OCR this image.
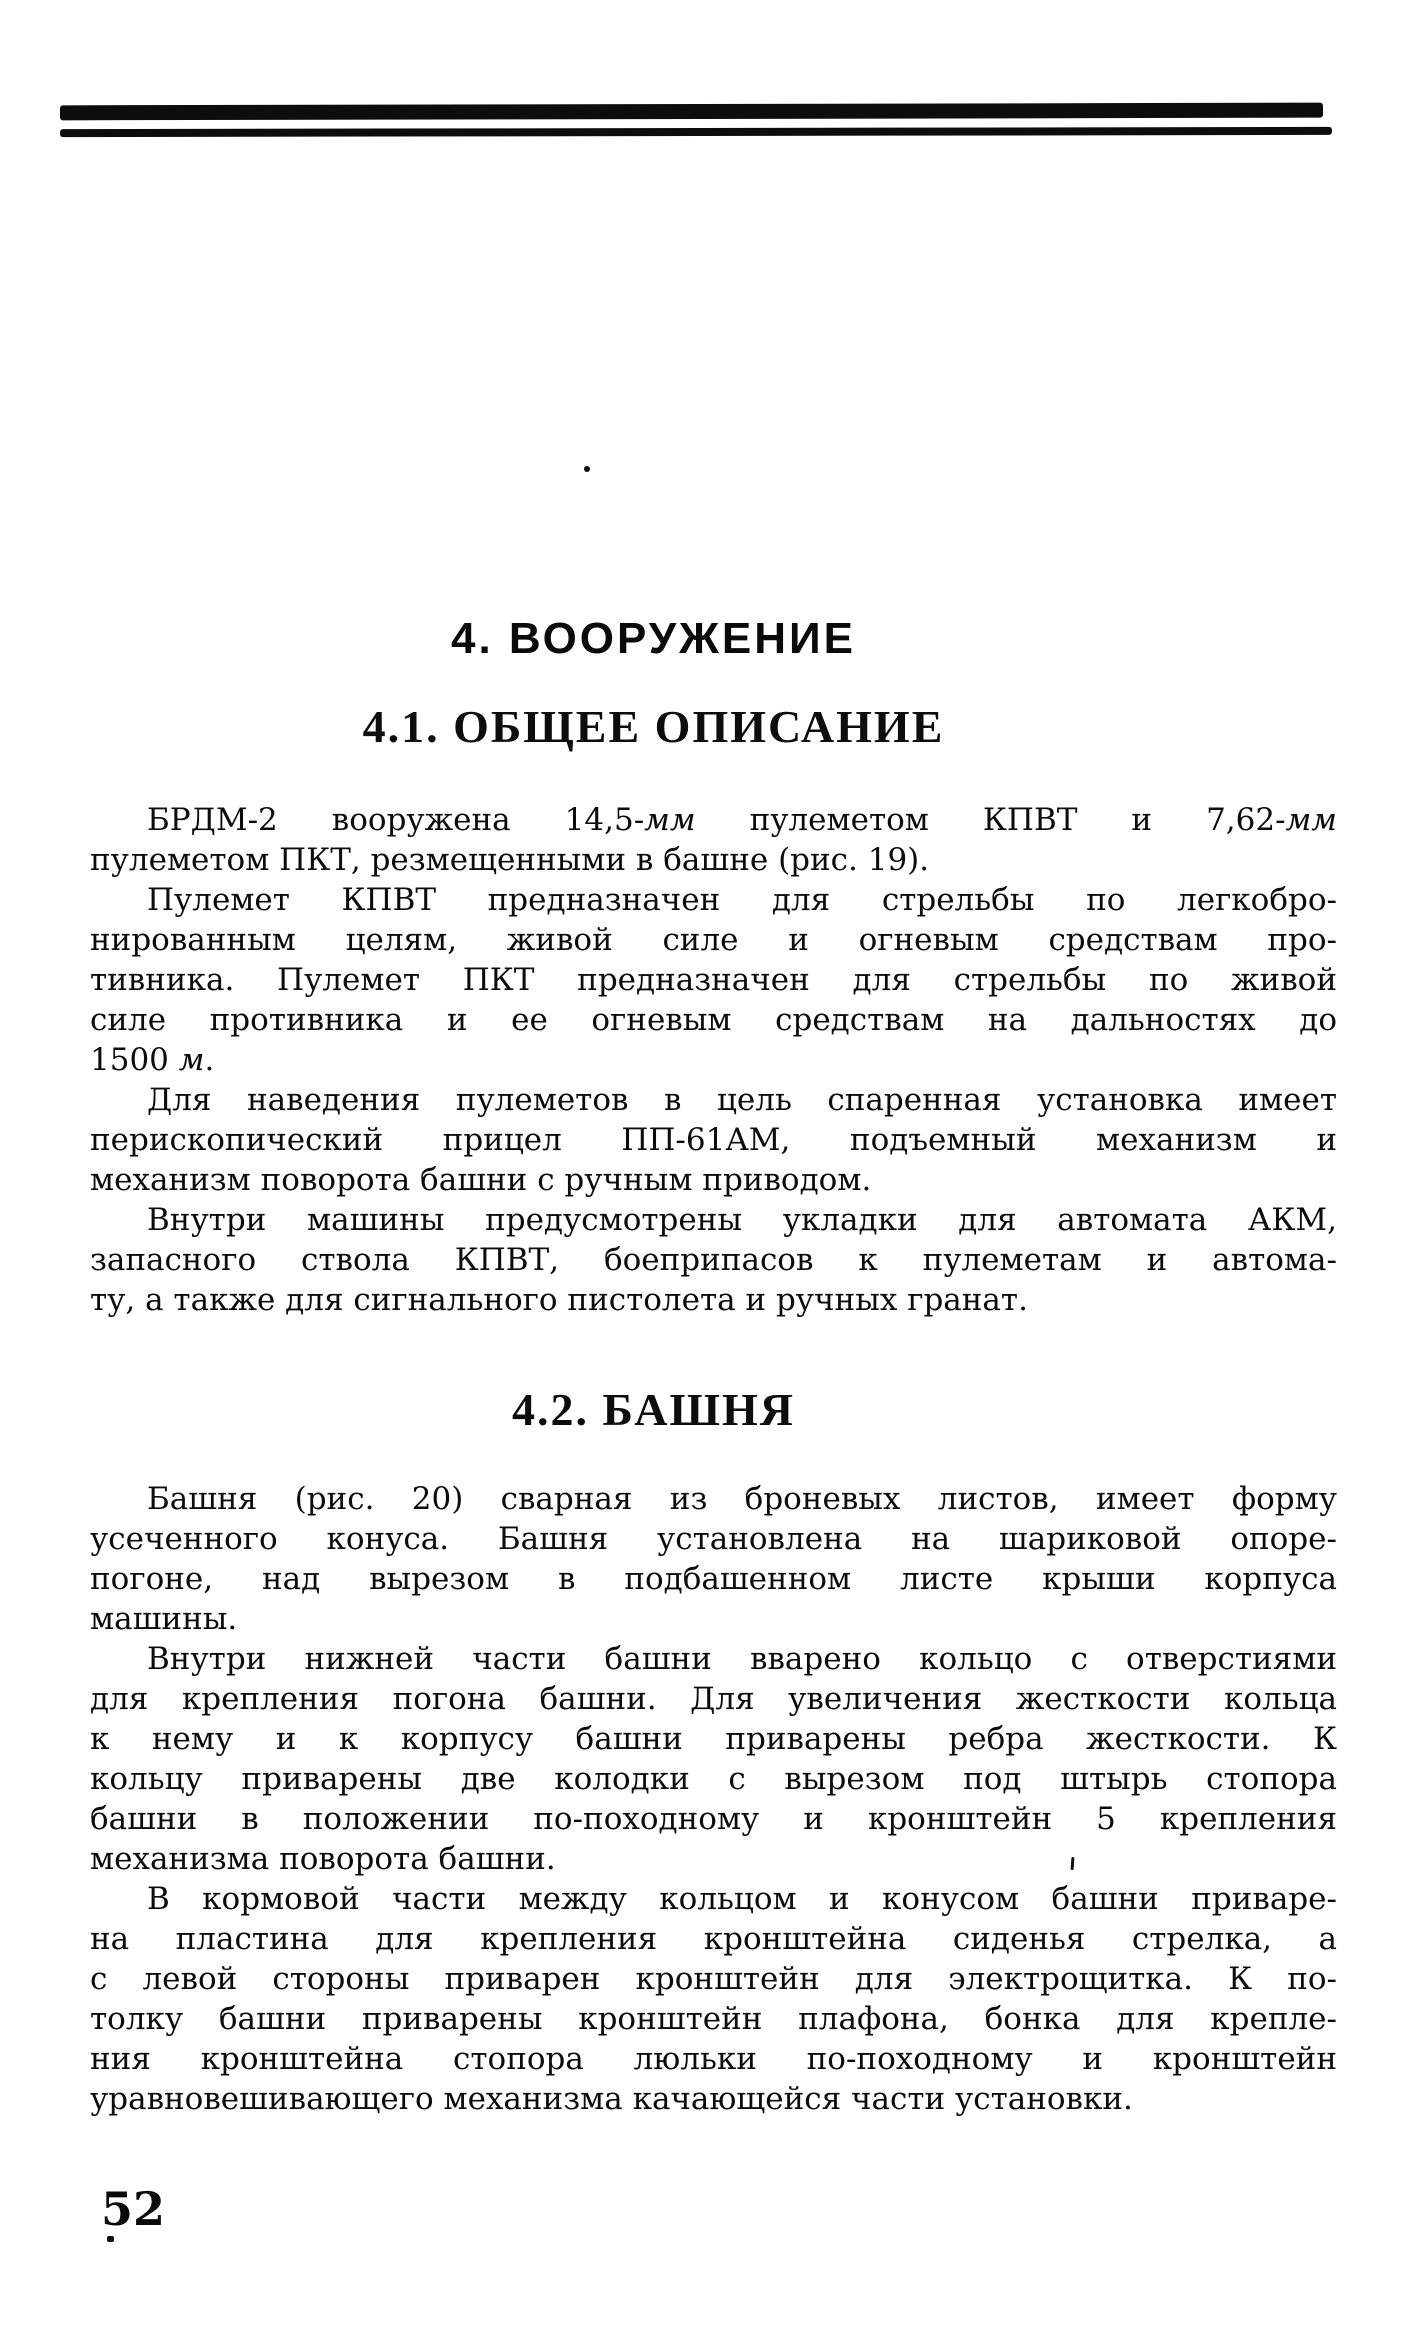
4. ВООРУЖЕНИЕ
4.1. ОБЩЕЕ ОПИСАНИЕ
БРДМ-2 вооружена 14,5-мм пулеметом КПВТ и 7,62-мм
пулеметом ПКТ, резмещенными в башне (рис. 19).
Пулемет КПВТ предназначен для стрельбы по легкобро-
нированным целям, живой силе и огневым средствам про-
тивника. Пулемет ПКТ предназначен для стрельбы по живой
силе противника и ее огневым средствам на дальностях до
1500 м.
Для наведения пулеметов в цель спаренная установка имеет
перископический прицел ПП-61АМ, подъемный механизм и
механизм поворота башни с ручным приводом.
Внутри машины предусмотрены укладки для автомата АКМ,
запасного ствола КПВТ, боеприпасов к пулеметам и автома-
ту, а также для сигнального пистолета и ручных гранат.
4.2. БАШНЯ
Башня (рис. 20) сварная из броневых листов, имеет форму
усеченного конуса. Башня установлена на шариковой опоре-
погоне, над вырезом в подбашенном листе крыши корпуса
машины.
Внутри нижней части башни вварено кольцо с отверстиями
для крепления погона башни. Для увеличения жесткости кольца
к нему и к корпусу башни приварены ребра жесткости. К
кольцу приварены две колодки с вырезом под штырь стопора
башни в положении по-походному и кронштейн 5 крепления
механизма поворота башни.
В кормовой части между кольцом и конусом башни приваре-
на пластина для крепления кронштейна сиденья стрелка, а
с левой стороны приварен кронштейн для электрощитка. К по-
толку башни приварены кронштейн плафона, бонка для крепле-
ния кронштейна стопора люльки по-походному и кронштейн
уравновешивающего механизма качающейся части установки.
52
